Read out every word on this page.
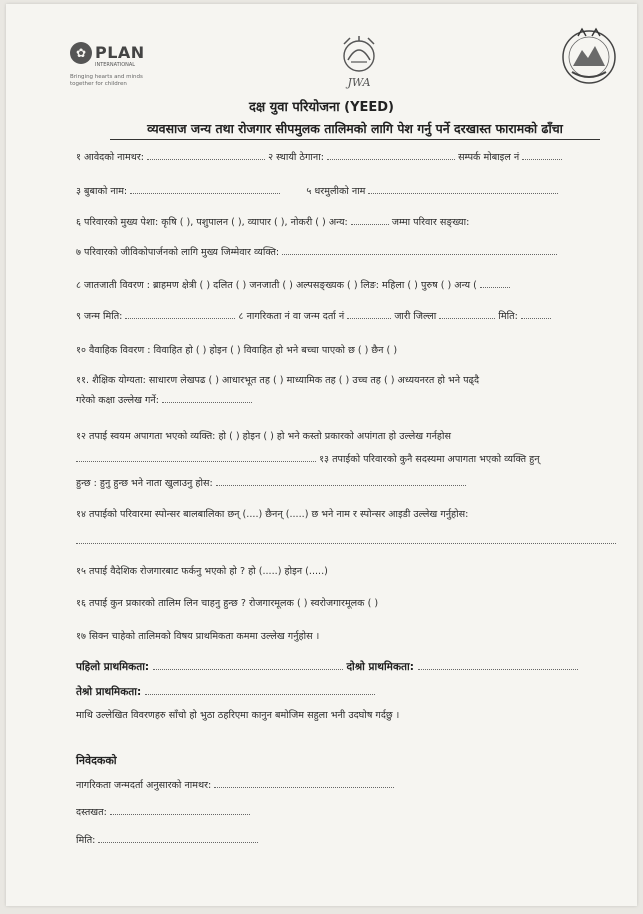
✿ PLAN
INTERNATIONAL
Bringing hearts and minds together for children	JWA
दक्ष युवा परियोजना (YEED)
व्यवसाज जन्य तथा रोजगार सीपमुलक तालिमको लागि पेश गर्नु पर्ने दरखास्त फारामको ढाँचा
१ आवेदको नामथर:	२ स्थायी ठेगाना:	सम्पर्क मोबाइल नं
३ बुबाको नाम:	५ धरमुलीको नाम
६ परिवारको मुख्य पेशा: कृषि ( ), पशुपालन ( ), व्यापार ( ), नोकरी ( ) अन्य:	जम्मा परिवार सङ्ख्या:
७ परिवारको जीविकोपार्जनको लागि मुख्य जिम्मेवार व्यक्ति:
८ जातजाती विवरण : ब्राहमण क्षेत्री ( ) दलित ( ) जनजाती ( ) अल्पसङ्ख्यक ( ) लिङ: महिला ( ) पुरुष ( ) अन्य (
९ जन्म मिति:	८ नागरिकता नं वा जन्म दर्ता नं	जारी जिल्ला	मिति:
१० वैवाहिक विवरण : विवाहित हो ( ) होइन ( ) विवाहित हो भने बच्चा पाएको छ ( ) छैन ( )
११. शैक्षिक योग्यता: साधारण लेखपढ ( ) आधारभूत तह ( ) माध्यामिक तह ( ) उच्च तह ( ) अध्ययनरत हो भने पढ्दै
गरेको कक्षा उल्लेख गर्ने:
१२ तपाई स्वयम अपागता भएको व्यक्ति: हो ( ) होइन ( ) हो भने कस्तो प्रकारको अपांगता हो उल्लेख गर्नहोस
१३ तपाईको परिवारको कुनै सदस्यमा अपागता भएको व्यक्ति हुन्
हुन्छ : हुनु हुन्छ भने नाता खुलाउनु होस:
१४ तपाईको परिवारमा स्पोन्सर बालबालिका छन् (....) छैनन् (.....) छ भने नाम र स्पोन्सर आइडी उल्लेख गर्नुहोस:
१५ तपाई वैदेशिक रोजगारबाट फर्कनु भएको हो ? हो (.....) होइन (.....)
१६ तपाई कुन प्रकारको तालिम लिन चाहनु हुन्छ ? रोजगारमूलक ( ) स्वरोजगारमूलक ( )
१७ सिक्न चाहेको तालिमको विषय प्राथमिकता कममा उल्लेख गर्नुहोस ।
पहिलो प्राथमिकता:	दोश्रो प्राथमिकता:
तेश्रो प्राथमिकता:
माथि उल्लेखित विवरणहरु साँचो हो भुठा ठहरिएमा कानुन बमोजिम सहुला भनी उदघोष गर्दछु ।
निवेदकको
नागरिकता जन्मदर्ता अनुसारको नामथर:
दस्तखत:
मिति:
